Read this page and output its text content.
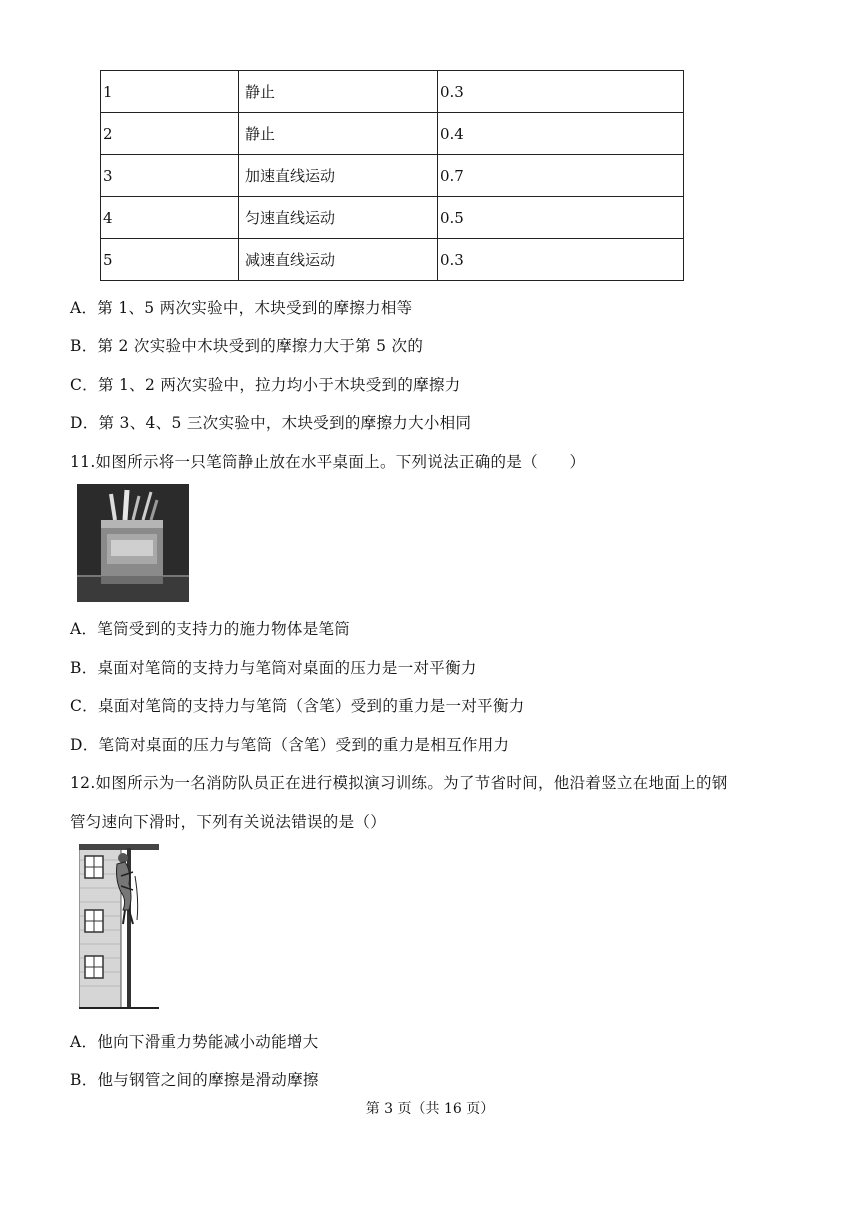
1	静止	0.3
2	静止	0.4
3	加速直线运动	0.7
4	匀速直线运动	0.5
5	减速直线运动	0.3
A．第 1、5 两次实验中，木块受到的摩擦力相等
B．第 2 次实验中木块受到的摩擦力大于第 5 次的
C．第 1、2 两次实验中，拉力均小于木块受到的摩擦力
D．第 3、4、5 三次实验中，木块受到的摩擦力大小相同
11.如图所示将一只笔筒静止放在水平桌面上。下列说法正确的是（　　）
A．笔筒受到的支持力的施力物体是笔筒
B．桌面对笔筒的支持力与笔筒对桌面的压力是一对平衡力
C．桌面对笔筒的支持力与笔筒（含笔）受到的重力是一对平衡力
D．笔筒对桌面的压力与笔筒（含笔）受到的重力是相互作用力
12.如图所示为一名消防队员正在进行模拟演习训练。为了节省时间，他沿着竖立在地面上的钢
管匀速向下滑时，下列有关说法错误的是（）
A．他向下滑重力势能减小动能增大
B．他与钢管之间的摩擦是滑动摩擦
第 3 页（共 16 页）
